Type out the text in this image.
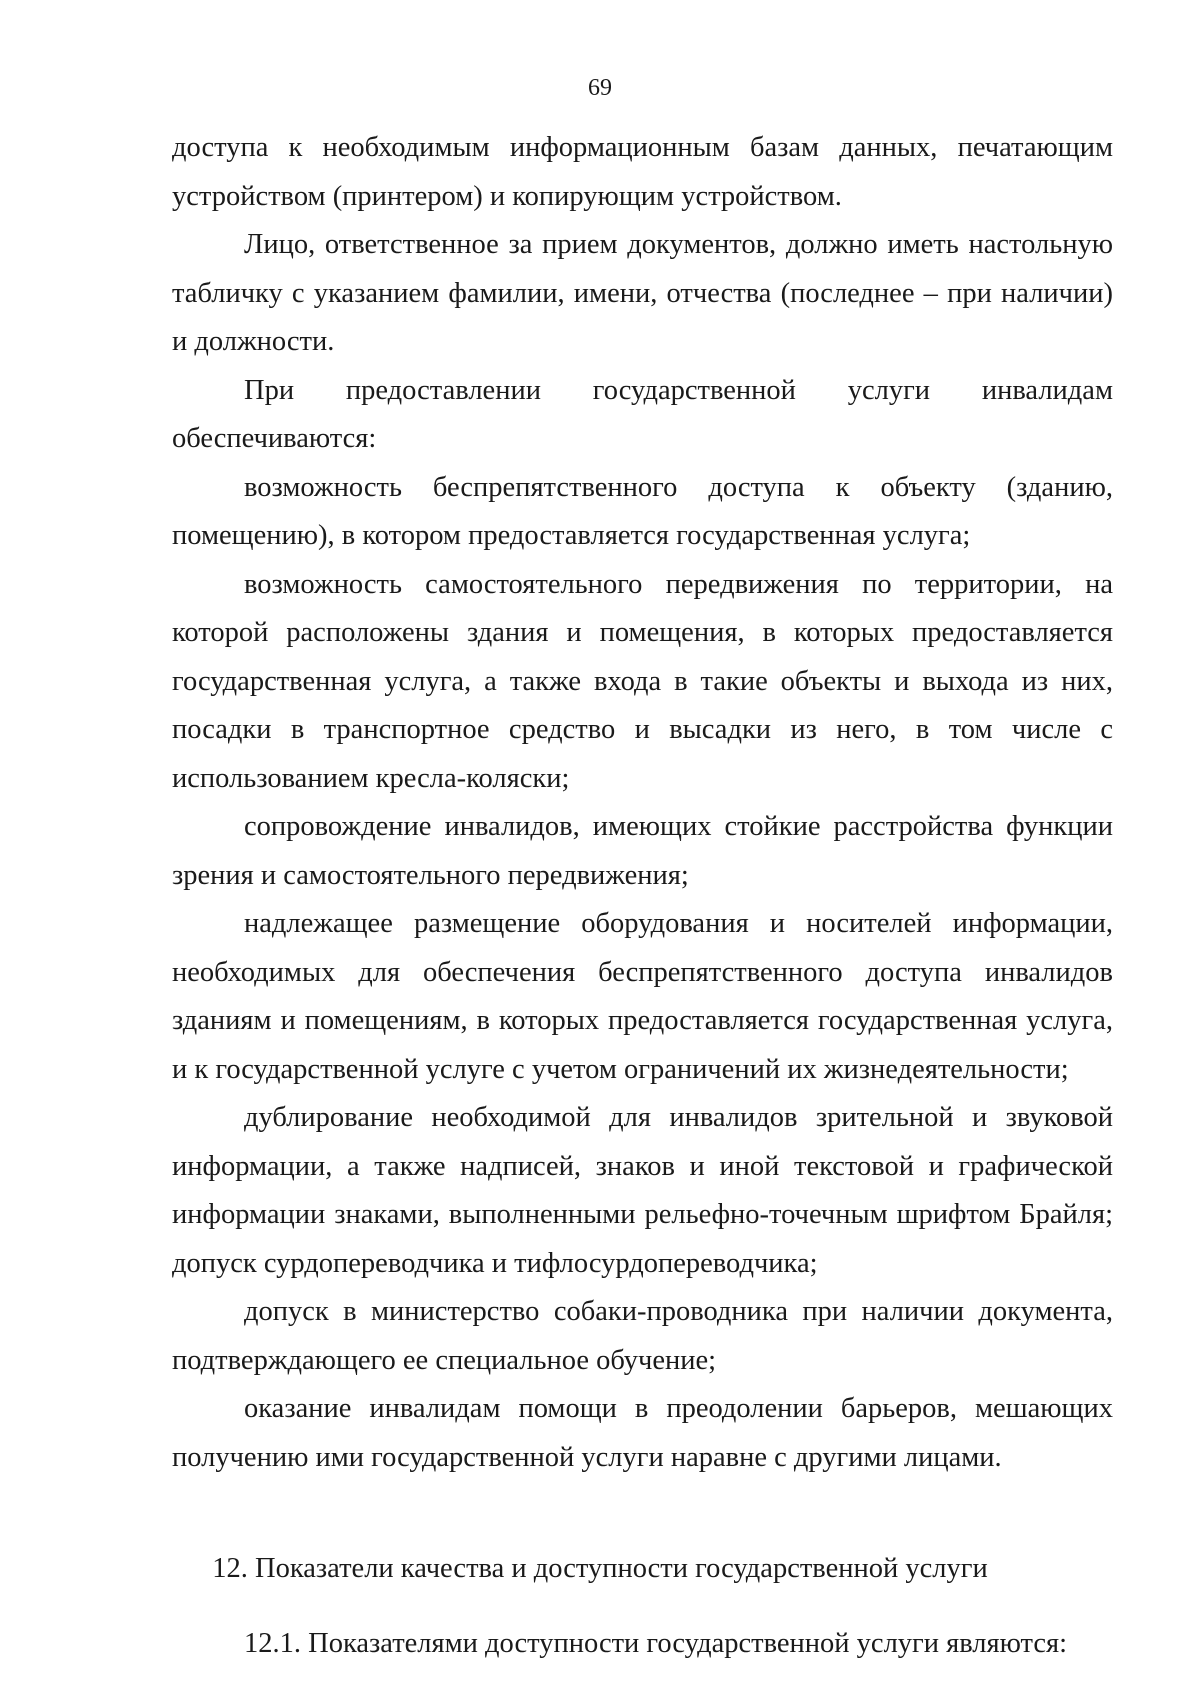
69

доступа к необходимым информационным базам данных, печатающим устройством (принтером) и копирующим устройством.

Лицо, ответственное за прием документов, должно иметь настольную табличку с указанием фамилии, имени, отчества (последнее – при наличии) и должности.

При предоставлении государственной услуги инвалидам обеспечиваются:

возможность беспрепятственного доступа к объекту (зданию, помещению), в котором предоставляется государственная услуга;

возможность самостоятельного передвижения по территории, на которой расположены здания и помещения, в которых предоставляется государственная услуга, а также входа в такие объекты и выхода из них, посадки в транспортное средство и высадки из него, в том числе с использованием кресла-коляски;

сопровождение инвалидов, имеющих стойкие расстройства функции зрения и самостоятельного передвижения;

надлежащее размещение оборудования и носителей информации, необходимых для обеспечения беспрепятственного доступа инвалидов зданиям и помещениям, в которых предоставляется государственная услуга, и к государственной услуге с учетом ограничений их жизнедеятельности;

дублирование необходимой для инвалидов зрительной и звуковой информации, а также надписей, знаков и иной текстовой и графической информации знаками, выполненными рельефно-точечным шрифтом Брайля; допуск сурдопереводчика и тифлосурдопереводчика;

допуск в министерство собаки-проводника при наличии документа, подтверждающего ее специальное обучение;

оказание инвалидам помощи в преодолении барьеров, мешающих получению ими государственной услуги наравне с другими лицами.

12. Показатели качества и доступности государственной услуги

12.1. Показателями доступности государственной услуги являются:
